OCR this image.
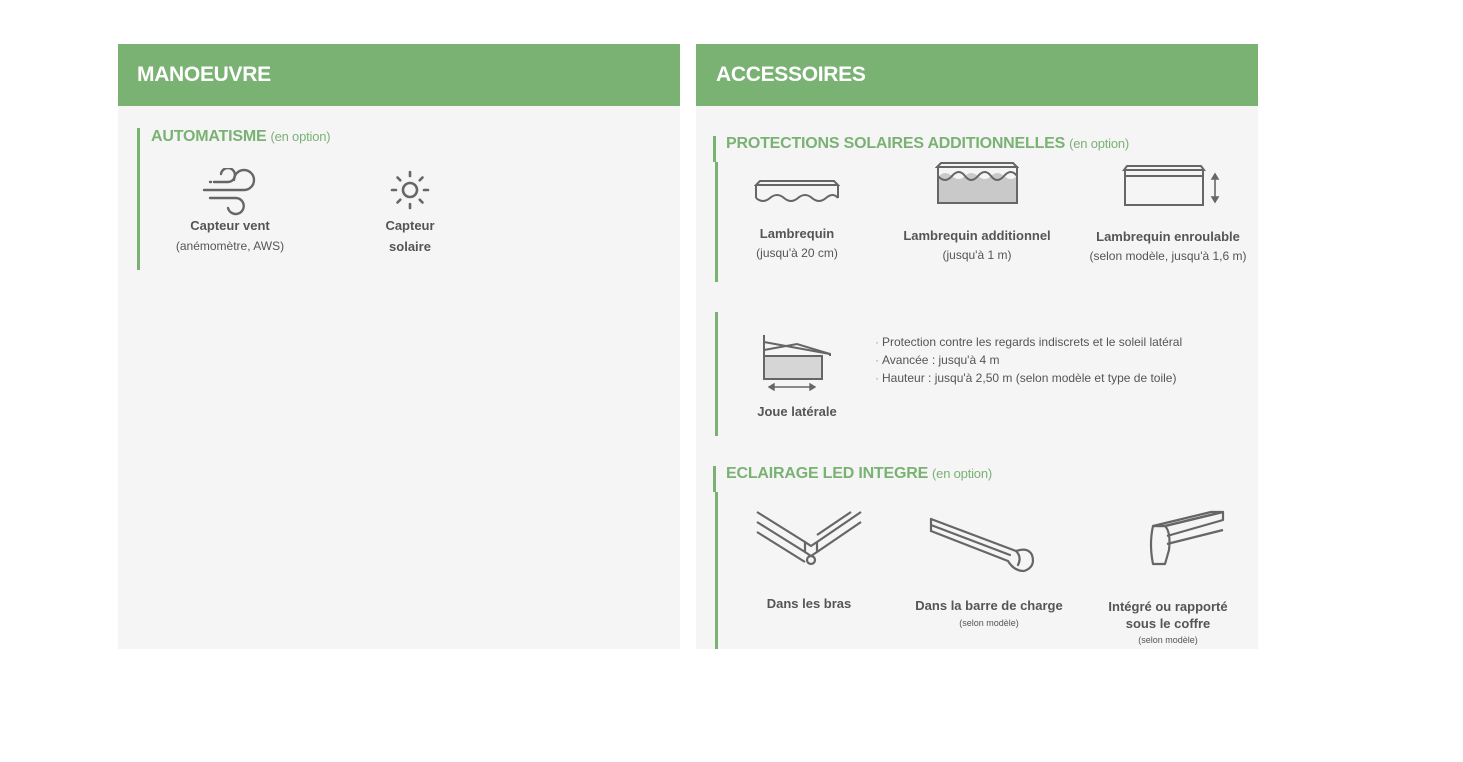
MANOEUVRE
AUTOMATISME (en option)
Capteur vent
(anémomètre, AWS)
Capteur
solaire
ACCESSOIRES
PROTECTIONS SOLAIRES ADDITIONNELLES (en option)
Lambrequin
(jusqu'à 20 cm)
Lambrequin additionnel
(jusqu'à 1 m)
Lambrequin enroulable
(selon modèle, jusqu'à 1,6 m)
Joue latérale
· Protection contre les regards indiscrets et le soleil latéral
· Avancée : jusqu'à 4 m
· Hauteur : jusqu'à 2,50 m (selon modèle et type de toile)
ECLAIRAGE LED INTEGRE (en option)
Dans les bras	Dans la barre de charge
(selon modèle)
Intégré ou rapporté
sous le coffre
(selon modèle)
